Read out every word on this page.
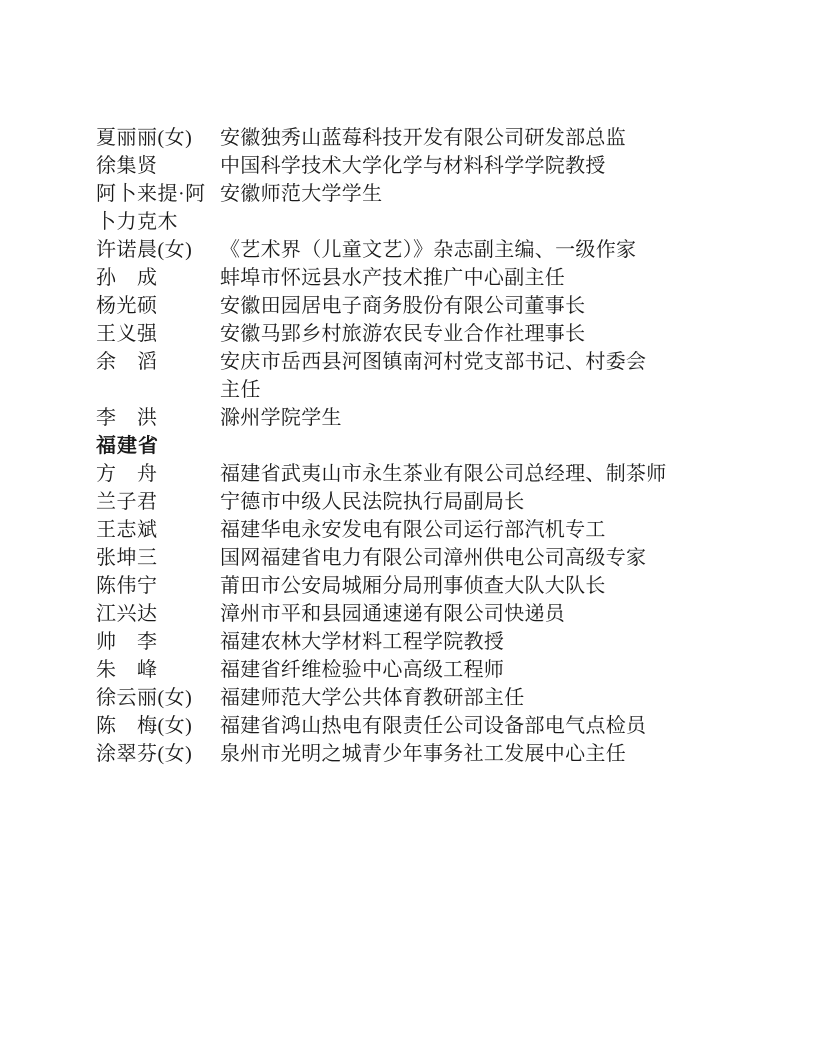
夏丽丽(女)	安徽独秀山蓝莓科技开发有限公司研发部总监
徐集贤	中国科学技术大学化学与材料科学学院教授
阿卜来提·阿 安徽师范大学学生
卜力克木
许诺晨(女)	《艺术界（儿童文艺）》杂志副主编、一级作家
孙　成	蚌埠市怀远县水产技术推广中心副主任
杨光硕	安徽田园居电子商务股份有限公司董事长
王义强	安徽马郢乡村旅游农民专业合作社理事长
余　滔	安庆市岳西县河图镇南河村党支部书记、村委会
主任
李　洪	滁州学院学生
福建省
方　舟	福建省武夷山市永生茶业有限公司总经理、制茶师
兰子君	宁德市中级人民法院执行局副局长
王志斌	福建华电永安发电有限公司运行部汽机专工
张坤三	国网福建省电力有限公司漳州供电公司高级专家
陈伟宁	莆田市公安局城厢分局刑事侦查大队大队长
江兴达	漳州市平和县园通速递有限公司快递员
帅　李	福建农林大学材料工程学院教授
朱　峰	福建省纤维检验中心高级工程师
徐云丽(女)	福建师范大学公共体育教研部主任
陈　梅(女)	福建省鸿山热电有限责任公司设备部电气点检员
涂翠芬(女)	泉州市光明之城青少年事务社工发展中心主任
